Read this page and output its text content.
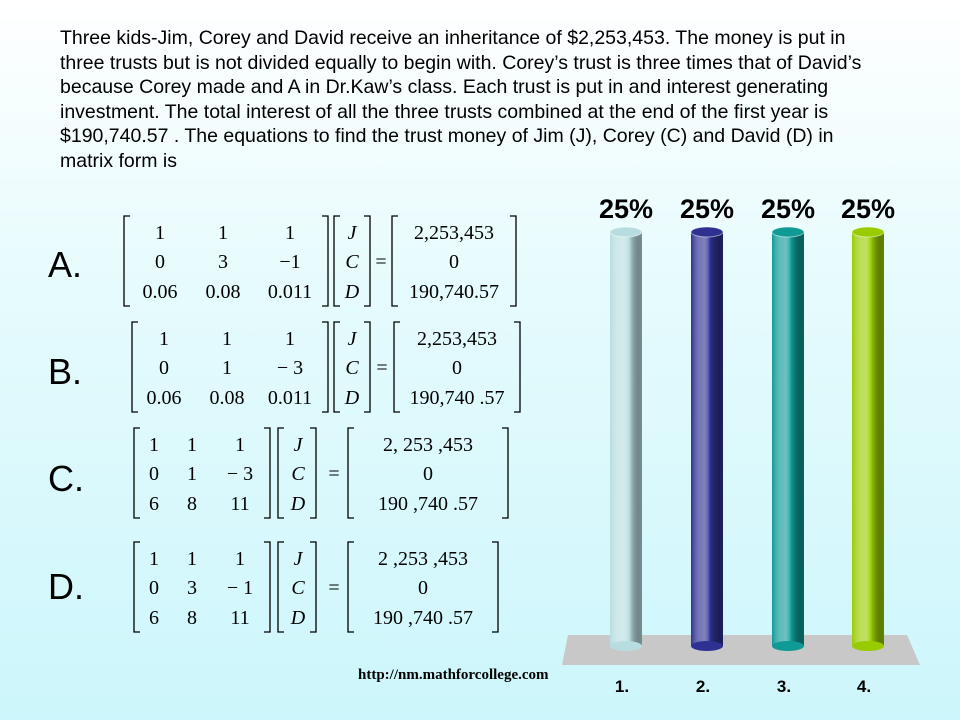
Three kids-Jim, Corey and David receive an inheritance of $2,253,453. The money is put in three trusts but is not divided equally to begin with. Corey’s trust is three times that of David’s because Corey made and A in Dr.Kaw’s class. Each trust is put in and interest generating investment. The total interest of all the three trusts combined at the end of the first year is $190,740.57 . The equations to find the trust money of Jim (J), Corey (C) and David (D) in matrix form is

A.
B.
C.
D.
1	1	1
0	3	−1
0.06 0.08 0.011
J
C
D
=
2,253,453
0
190,740.57
1	1	1
0	1 − 3
0.06 0.08 0.011
J
C
D
=
2,253,453
0
190,740 .57
1 1 1
0 1 − 3
6 8 11
J
C
D
=
2, 253 ,453
0
190 ,740 .57
1 1 1
0 3 − 1
6 8 11
J
C
D
=
2 ,253 ,453
0
190 ,740 .57
25%
1.
25%
2.
25%
3.
25%
4.
http://nm.mathforcollege.com
